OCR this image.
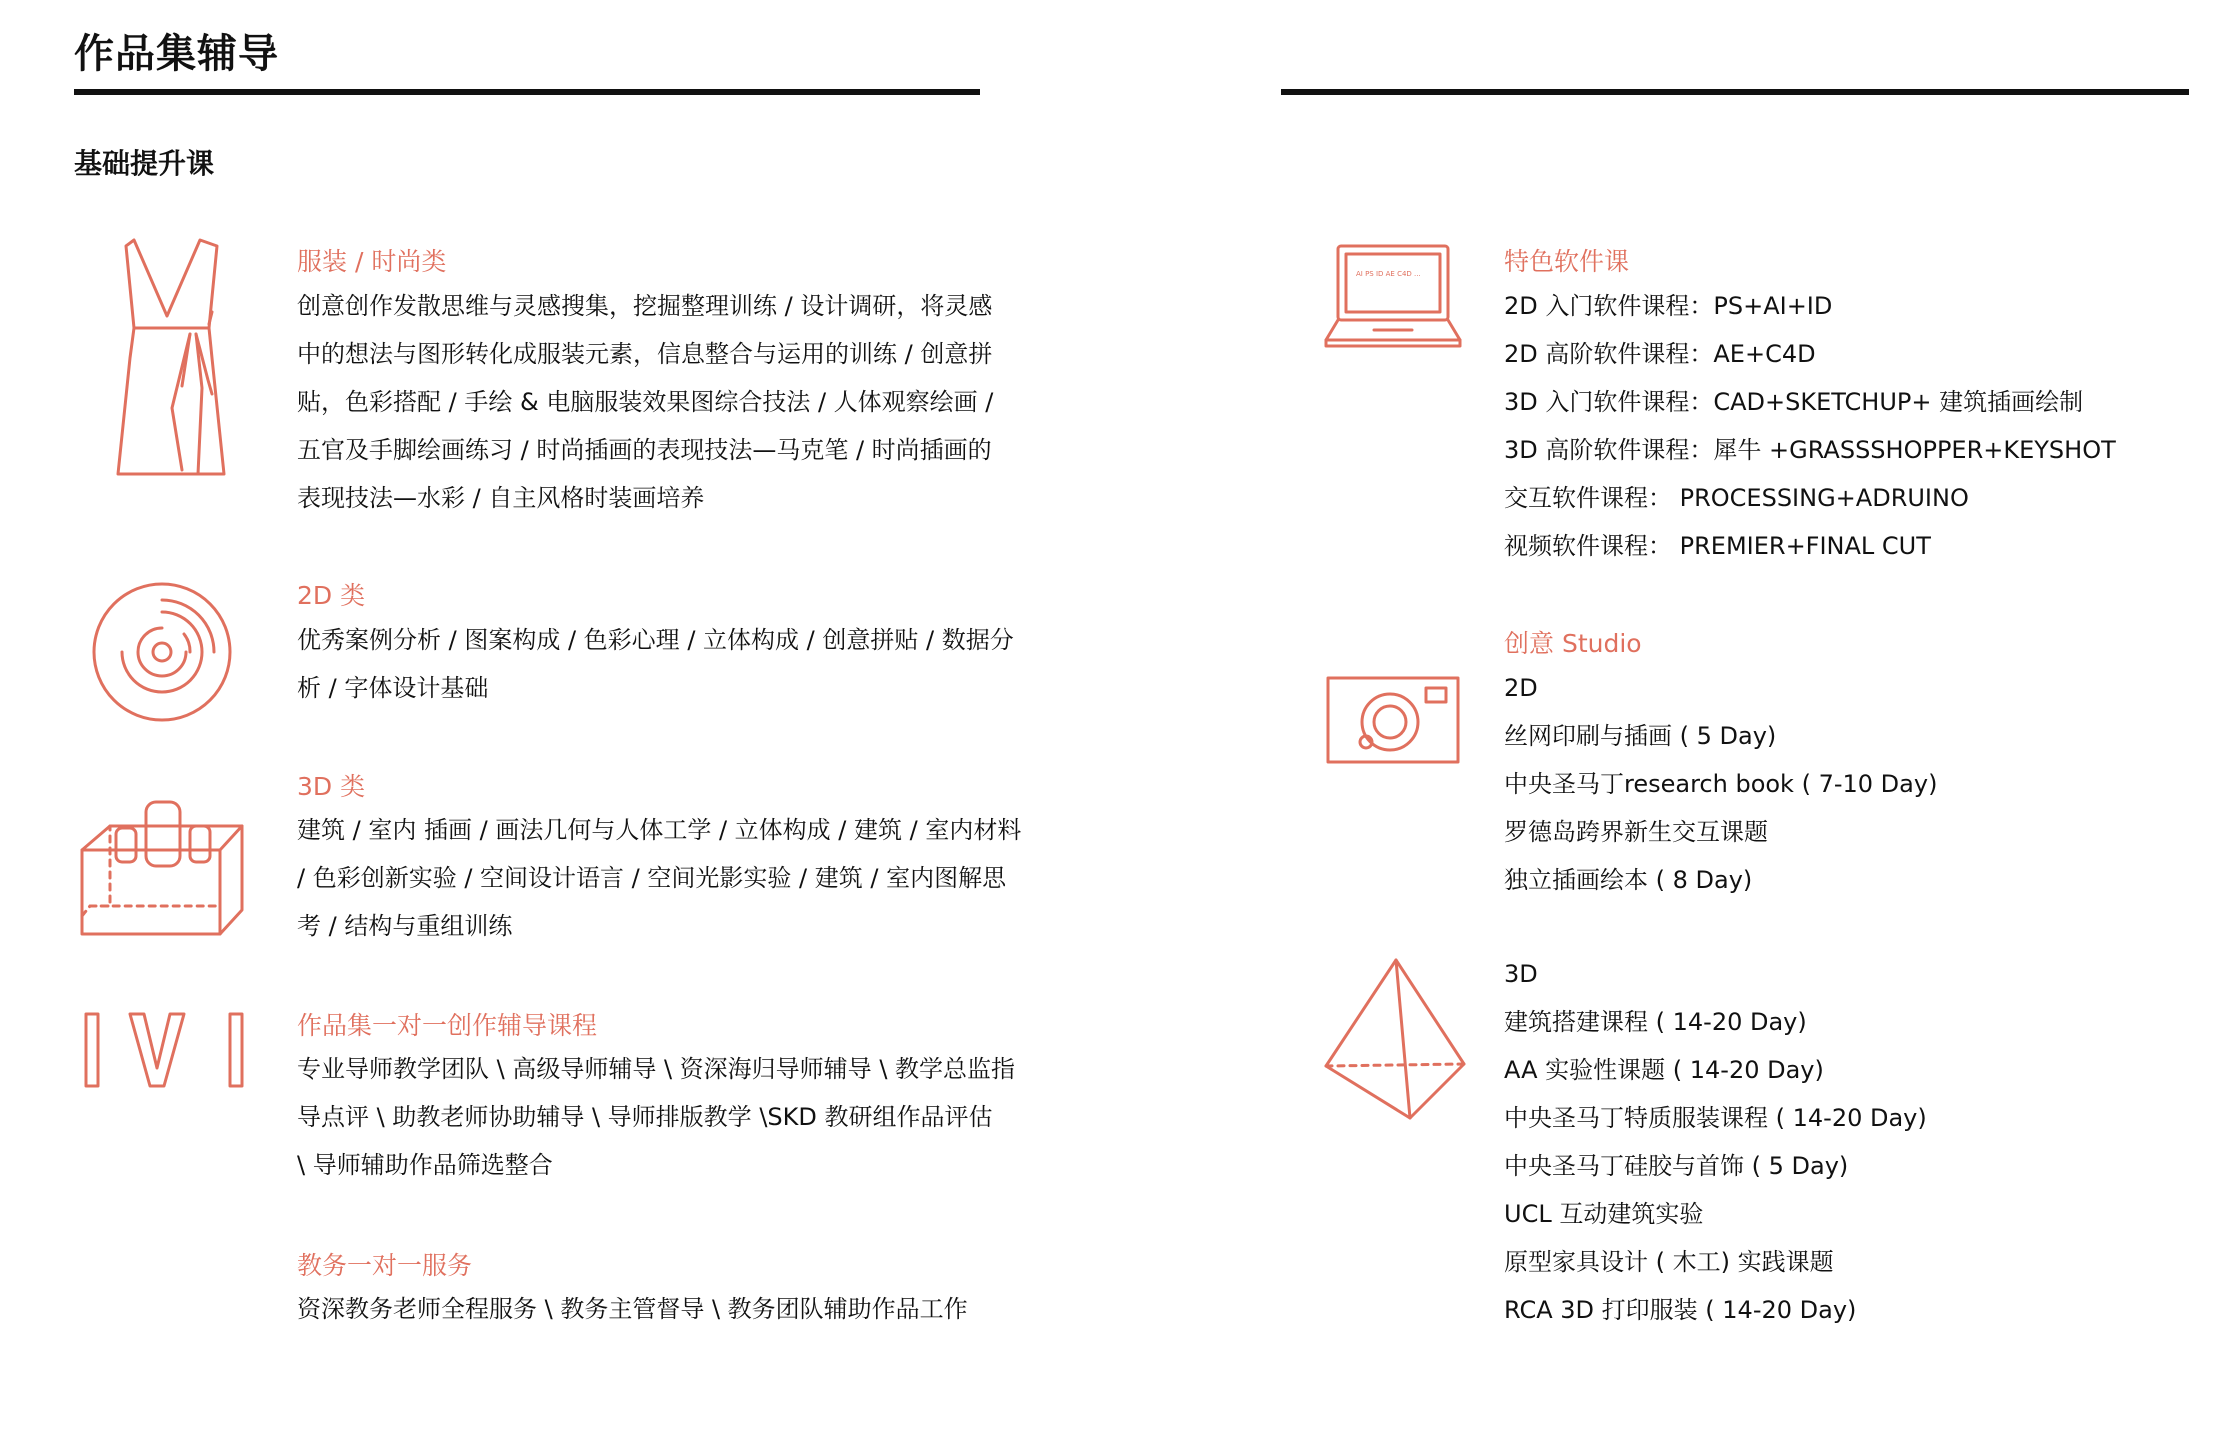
作品集辅导
基础提升课
服装 / 时尚类
创意创作发散思维与灵感搜集，挖掘整理训练 / 设计调研，将灵感
中的想法与图形转化成服装元素，信息整合与运用的训练 / 创意拼
贴，色彩搭配 / 手绘 & 电脑服装效果图综合技法 / 人体观察绘画 /
五官及手脚绘画练习 / 时尚插画的表现技法—马克笔 / 时尚插画的
表现技法—水彩 / 自主风格时装画培养
2D 类
优秀案例分析 / 图案构成 / 色彩心理 / 立体构成 / 创意拼贴 / 数据分
析 / 字体设计基础
3D 类
建筑 / 室内 插画 / 画法几何与人体工学 / 立体构成 / 建筑 / 室内材料
/ 色彩创新实验 / 空间设计语言 / 空间光影实验 / 建筑 / 室内图解思
考 / 结构与重组训练
作品集一对一创作辅导课程
专业导师教学团队 \ 高级导师辅导 \ 资深海归导师辅导 \ 教学总监指
导点评 \ 助教老师协助辅导 \ 导师排版教学 \SKD 教研组作品评估
\ 导师辅助作品筛选整合
教务一对一服务
资深教务老师全程服务 \ 教务主管督导 \ 教务团队辅助作品工作
AI PS ID AE C4D ...	特色软件课
2D 入门软件课程：PS+AI+ID
2D 高阶软件课程：AE+C4D
3D 入门软件课程：CAD+SKETCHUP+ 建筑插画绘制
3D 高阶软件课程：犀牛 +GRASSSHOPPER+KEYSHOT
交互软件课程： PROCESSING+ADRUINO
视频软件课程： PREMIER+FINAL CUT
创意 Studio
2D
丝网印刷与插画 ( 5 Day)
中央圣马丁research book ( 7-10 Day)
罗德岛跨界新生交互课题
独立插画绘本 ( 8 Day)
3D
建筑搭建课程 ( 14-20 Day)
AA 实验性课题 ( 14-20 Day)
中央圣马丁特质服装课程 ( 14-20 Day)
中央圣马丁硅胶与首饰 ( 5 Day)
UCL 互动建筑实验
原型家具设计 ( 木工) 实践课题
RCA 3D 打印服装 ( 14-20 Day)
